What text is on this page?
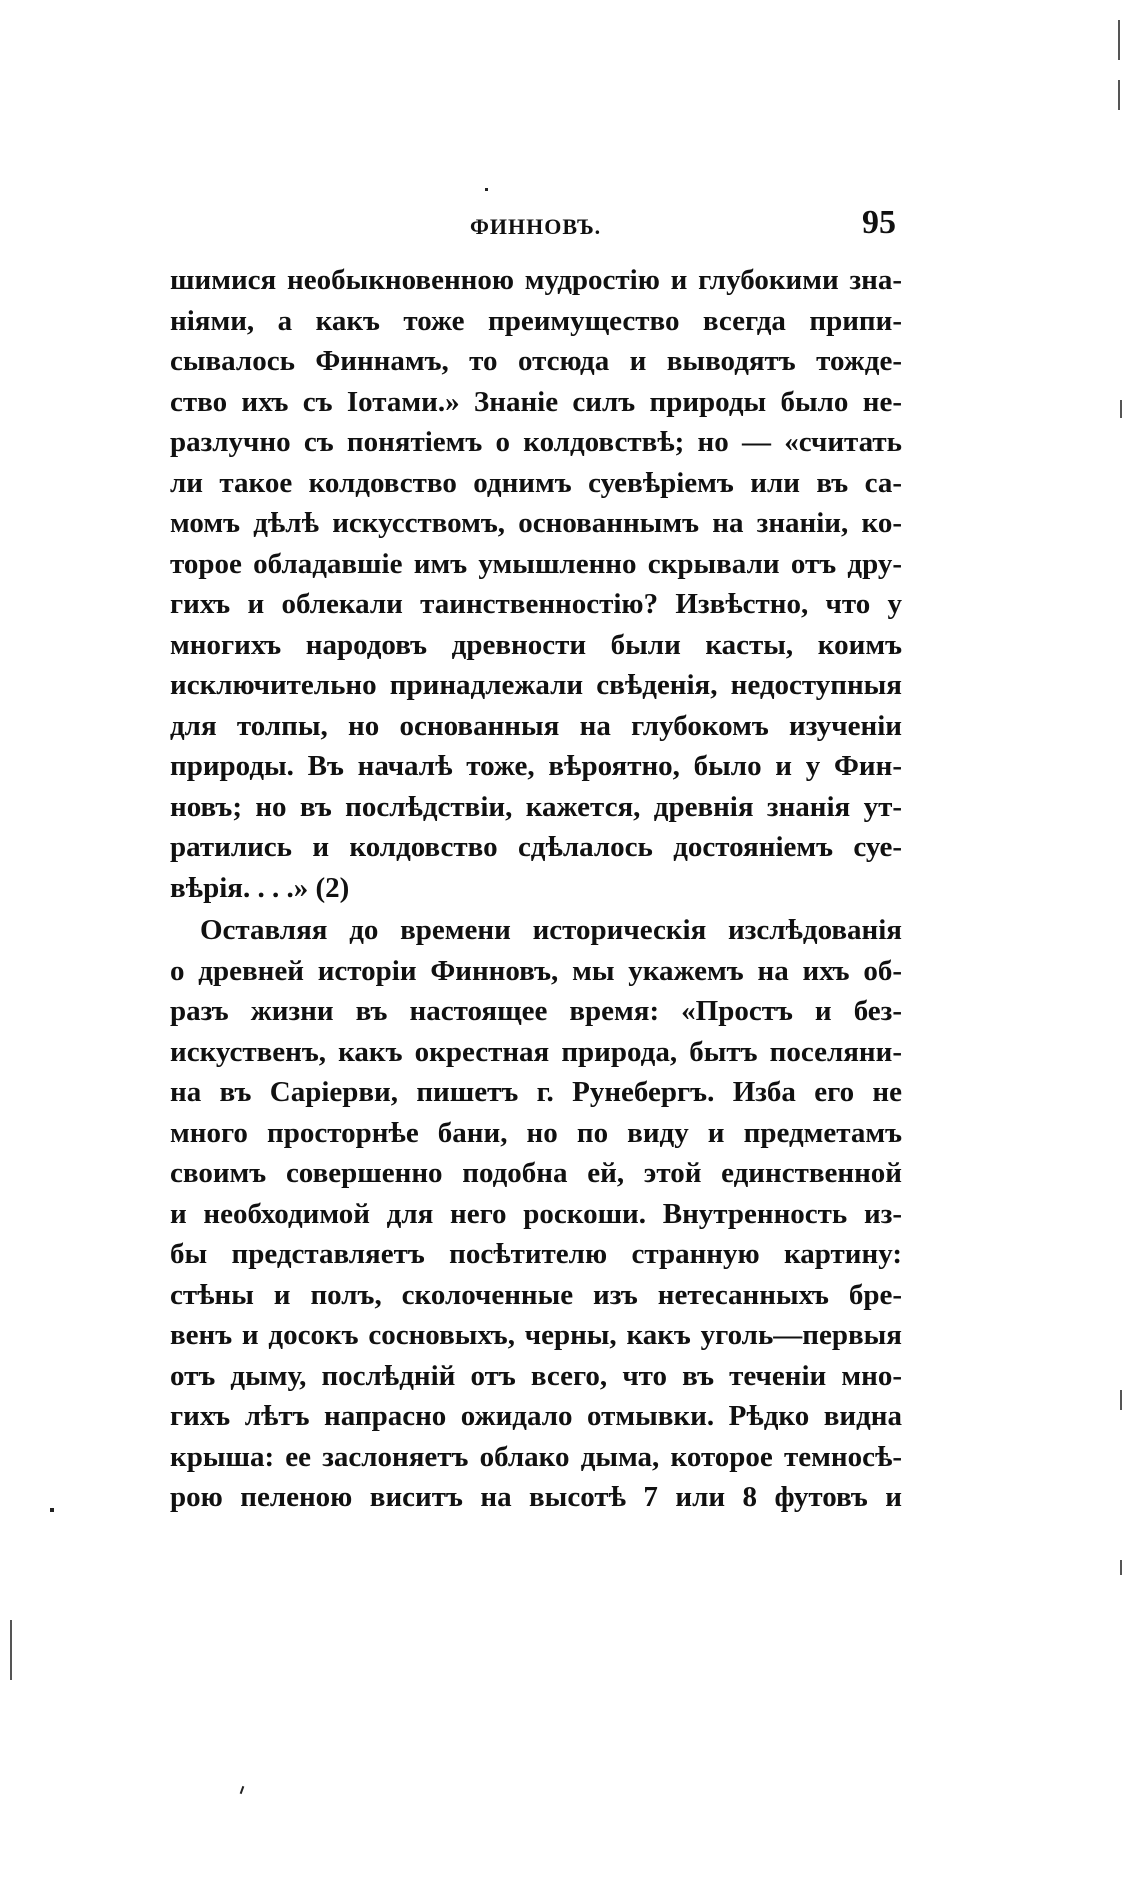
ФИННОВЪ.	95
шимися необыкновенною мудростію и глубокими зна-
ніями, а какъ тоже преимущество всегда припи-
сывалось Финнамъ, то отсюда и выводятъ тожде-
ство ихъ съ Іотами.» Знаніе силъ природы было не-
разлучно съ понятіемъ о колдовствѣ; но — «считать
ли такое колдовство однимъ суевѣріемъ или въ са-
момъ дѣлѣ искусствомъ, основаннымъ на знаніи, ко-
торое обладавшіе имъ умышленно скрывали отъ дру-
гихъ и облекали таинственностію? Извѣстно, что у
многихъ народовъ древности были касты, коимъ
исключительно принадлежали свѣденія, недоступныя
для толпы, но основанныя на глубокомъ изученіи
природы. Въ началѣ тоже, вѣроятно, было и у Фин-
новъ; но въ послѣдствіи, кажется, древнія знанія ут-
ратились и колдовство сдѣлалось достояніемъ суе-
вѣрія. . . .» (2)
Оставляя до времени историческія изслѣдованія
о древней исторіи Финновъ, мы укажемъ на ихъ об-
разъ жизни въ настоящее время: «Простъ и без-
искуственъ, какъ окрестная природа, бытъ поселяни-
на въ Саріерви, пишетъ г. Рунебергъ. Изба его не
много просторнѣе бани, но по виду и предметамъ
своимъ совершенно подобна ей, этой единственной
и необходимой для него роскоши. Внутренность из-
бы представляетъ посѣтителю странную картину:
стѣны и полъ, сколоченные изъ нетесанныхъ бре-
венъ и досокъ сосновыхъ, черны, какъ уголь—первыя
отъ дыму, послѣдній отъ всего, что въ теченіи мно-
гихъ лѣтъ напрасно ожидало отмывки. Рѣдко видна
крыша: ее заслоняетъ облако дыма, которое темносѣ-
рою пеленою виситъ на высотѣ 7 или 8 футовъ и
